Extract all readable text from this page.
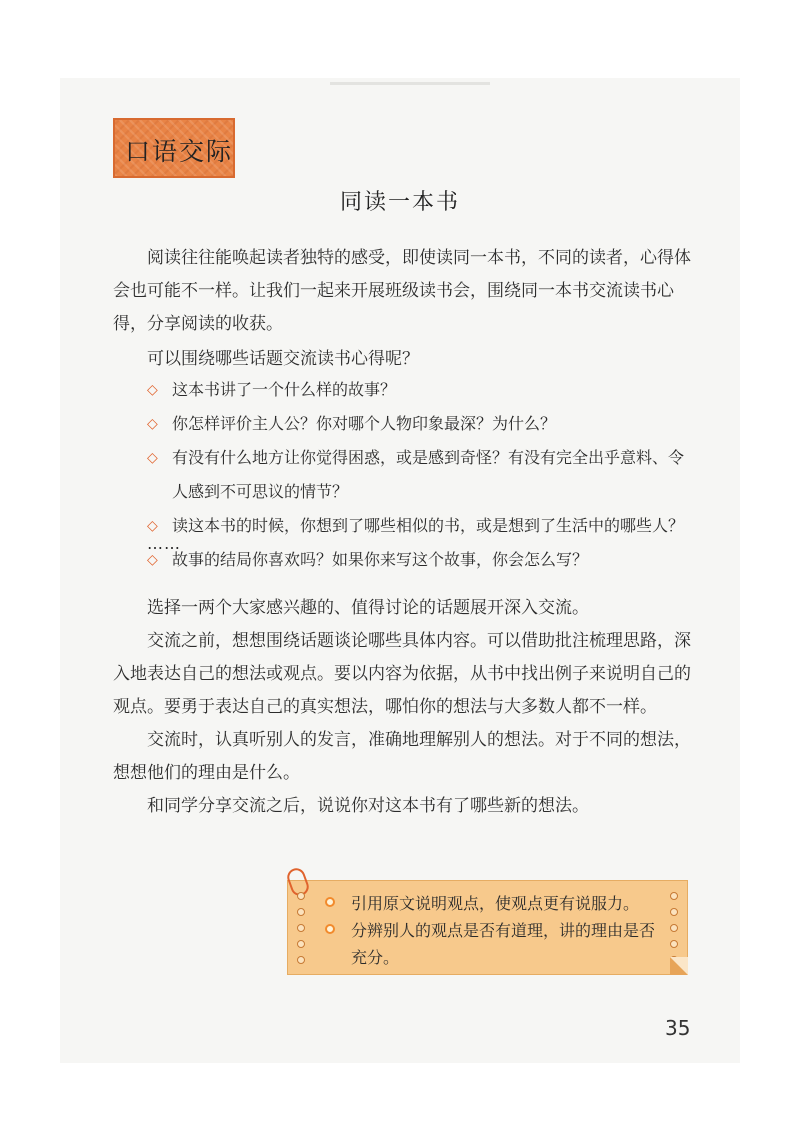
口语交际
同读一本书

阅读往往能唤起读者独特的感受，即使读同一本书，不同的读者，心得体会也可能不一样。让我们一起来开展班级读书会，围绕同一本书交流读书心得，分享阅读的收获。

可以围绕哪些话题交流读书心得呢？

◇ 这本书讲了一个什么样的故事？

◇ 你怎样评价主人公？你对哪个人物印象最深？为什么？

◇ 有没有什么地方让你觉得困惑，或是感到奇怪？有没有完全出乎意料、令人感到不可思议的情节？

◇ 读这本书的时候，你想到了哪些相似的书，或是想到了生活中的哪些人？

◇ 故事的结局你喜欢吗？如果你来写这个故事，你会怎么写？

……

选择一两个大家感兴趣的、值得讨论的话题展开深入交流。

交流之前，想想围绕话题谈论哪些具体内容。可以借助批注梳理思路，深入地表达自己的想法或观点。要以内容为依据，从书中找出例子来说明自己的观点。要勇于表达自己的真实想法，哪怕你的想法与大多数人都不一样。

交流时，认真听别人的发言，准确地理解别人的想法。对于不同的想法，想想他们的理由是什么。

和同学分享交流之后，说说你对这本书有了哪些新的想法。

引用原文说明观点，使观点更有说服力。

分辨别人的观点是否有道理，讲的理由是否充分。

35
